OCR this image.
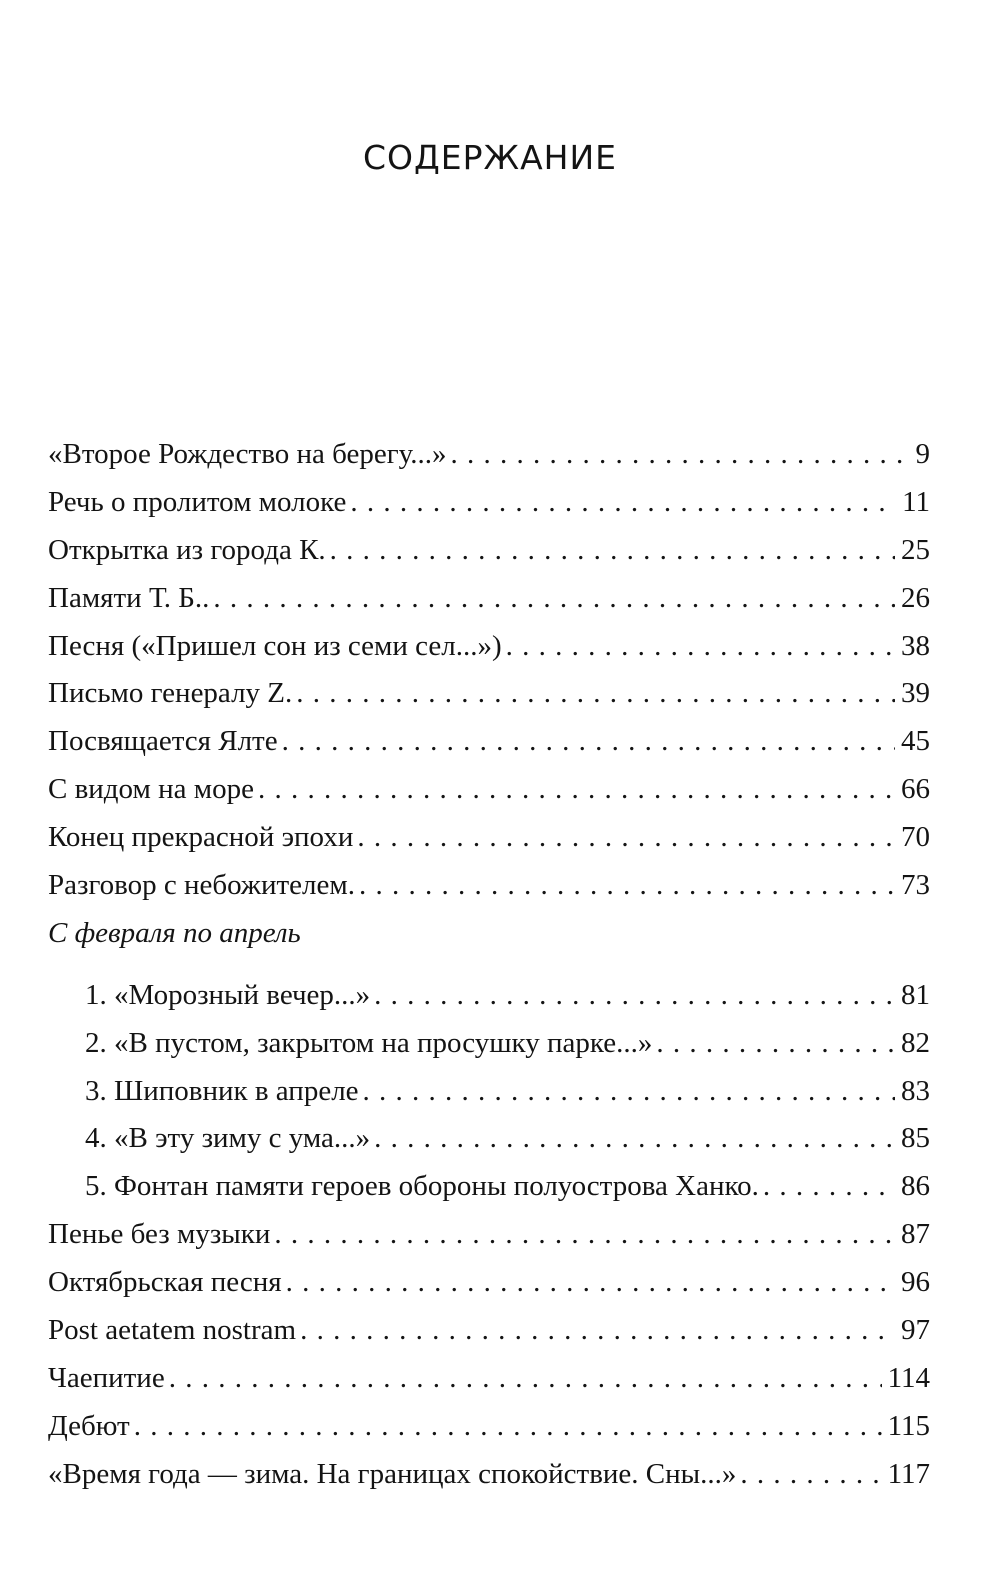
СОДЕРЖАНИЕ
«Второе Рождество на берегу...» . . .	9
Речь о пролитом молоке . . .	11
Открытка из города К. . . .	25
Памяти Т. Б.. . . .	26
Песня («Пришел сон из семи сел...») . . .	38
Письмо генералу Z. . . .	39
Посвящается Ялте . . .	45
С видом на море . . .	66
Конец прекрасной эпохи . . .	70
Разговор с небожителем. . . .	73
С февраля по апрель
1. «Морозный вечер...» . . .	81
2. «В пустом, закрытом на просушку парке...» . . .	82
3. Шиповник в апреле . . .	83
4. «В эту зиму с ума...» . . .	85
5. Фонтан памяти героев обороны полуострова Ханко. . . .	86
Пенье без музыки . . .	87
Октябрьская песня . . .	96
Post aetatem nostram . . .	97
Чаепитие . . .	114
Дебют . . .	115
«Время года — зима. На границах спокойствие. Сны...» . . .	117
